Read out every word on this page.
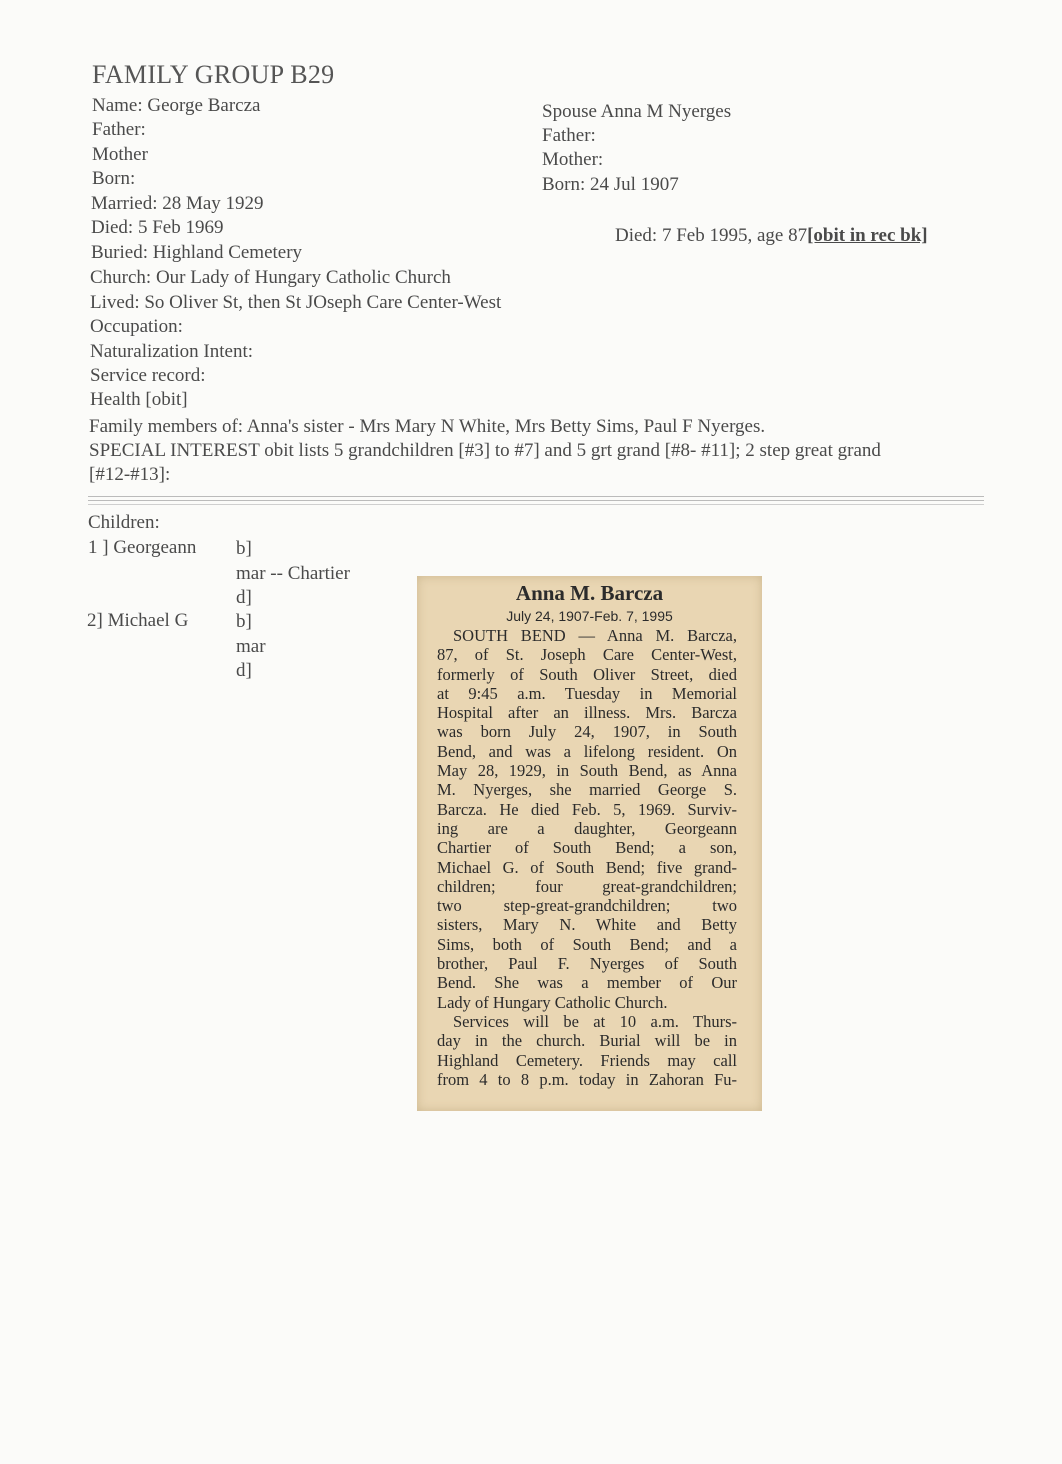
FAMILY GROUP B29
Name: George Barcza
Father:
Mother
Born:
Married: 28 May 1929
Died: 5 Feb 1969
Buried: Highland Cemetery
Church: Our Lady of Hungary Catholic Church
Lived: So Oliver St, then St JOseph Care Center-West
Occupation:
Naturalization Intent:
Service record:
Health [obit]
Spouse Anna M Nyerges
Father:
Mother:
Born: 24 Jul 1907
Died: 7 Feb 1995, age 87[obit in rec bk]
Family members of: Anna's sister - Mrs Mary N White, Mrs Betty Sims, Paul F Nyerges.
SPECIAL INTEREST obit lists 5 grandchildren [#3] to #7] and 5 grt grand [#8- #11]; 2 step great grand
[#12-#13]:
Children:
1 ] Georgeann b]
mar -- Chartier
d]
2] Michael G	b]
mar
d]
Anna M. Barcza
July 24, 1907-Feb. 7, 1995
SOUTH BEND — Anna M. Barcza,
87, of St. Joseph Care Center-West,
formerly of South Oliver Street, died
at 9:45 a.m. Tuesday in Memorial
Hospital after an illness. Mrs. Barcza
was born July 24, 1907, in South
Bend, and was a lifelong resident. On
May 28, 1929, in South Bend, as Anna
M. Nyerges, she married George S.
Barcza. He died Feb. 5, 1969. Surviv-
ing are a daughter, Georgeann
Chartier of South Bend; a son,
Michael G. of South Bend; five grand-
children; four great-grandchildren;
two step-great-grandchildren; two
sisters, Mary N. White and Betty
Sims, both of South Bend; and a
brother, Paul F. Nyerges of South
Bend. She was a member of Our
Lady of Hungary Catholic Church.
Services will be at 10 a.m. Thurs-
day in the church. Burial will be in
Highland Cemetery. Friends may call
from 4 to 8 p.m. today in Zahoran Fu-
